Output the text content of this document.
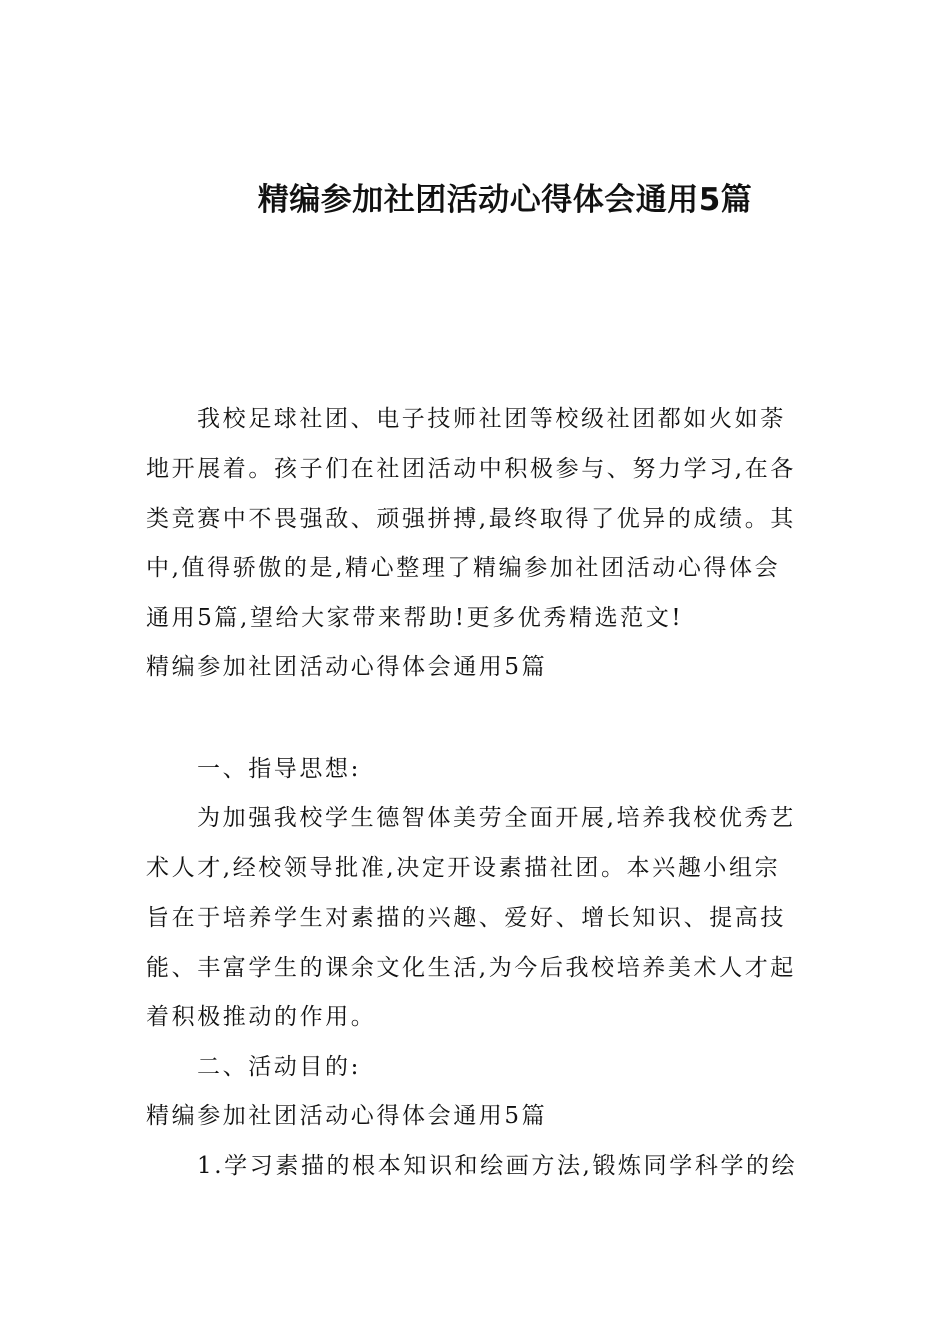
精编参加社团活动心得体会通用5篇

我校足球社团、电子技师社团等校级社团都如火如荼

地开展着。孩子们在社团活动中积极参与、努力学习,在各

类竞赛中不畏强敌、顽强拼搏,最终取得了优异的成绩。其

中,值得骄傲的是,精心整理了精编参加社团活动心得体会

通用5篇,望给大家带来帮助!更多优秀精选范文!

精编参加社团活动心得体会通用5篇

一、指导思想:

为加强我校学生德智体美劳全面开展,培养我校优秀艺

术人才,经校领导批准,决定开设素描社团。本兴趣小组宗

旨在于培养学生对素描的兴趣、爱好、增长知识、提高技

能、丰富学生的课余文化生活,为今后我校培养美术人才起

着积极推动的作用。

二、活动目的:

精编参加社团活动心得体会通用5篇

1.学习素描的根本知识和绘画方法,锻炼同学科学的绘
